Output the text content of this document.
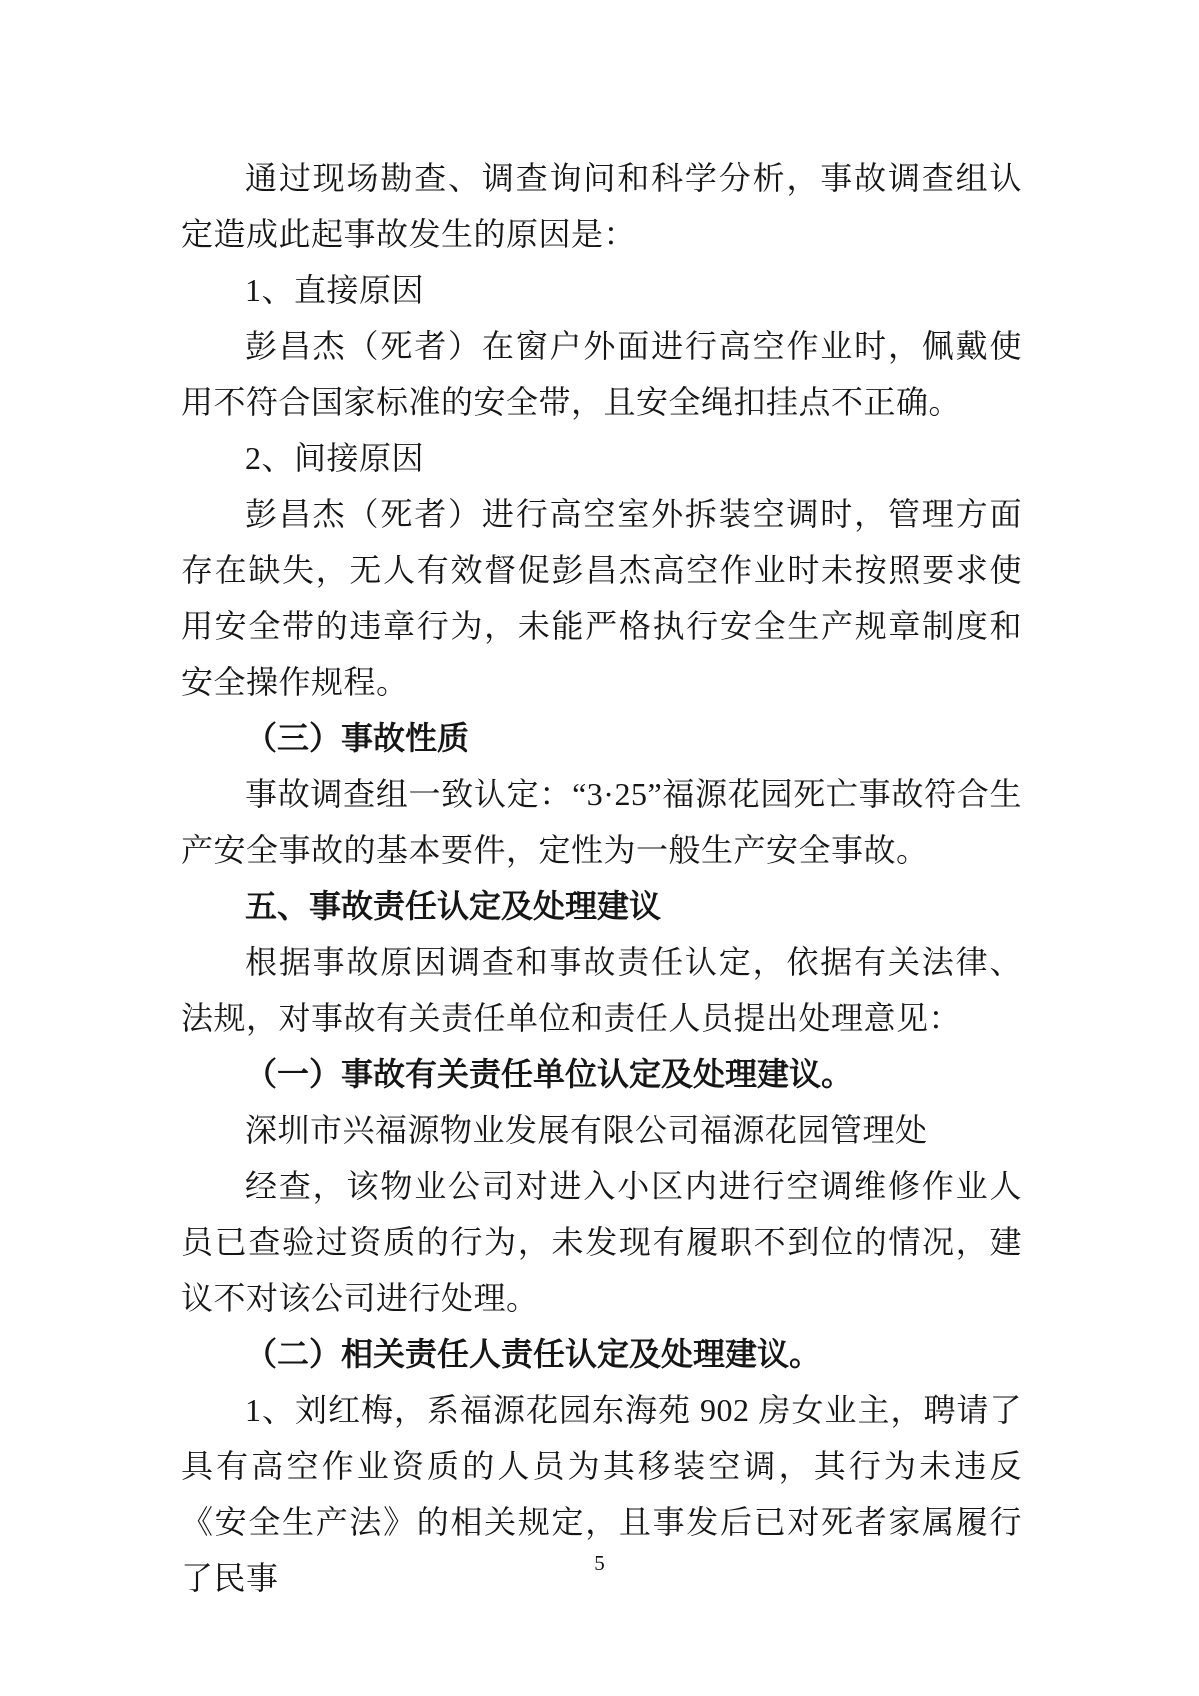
通过现场勘查、调查询问和科学分析，事故调查组认定造成此起事故发生的原因是：

1、直接原因

彭昌杰（死者）在窗户外面进行高空作业时，佩戴使用不符合国家标准的安全带，且安全绳扣挂点不正确。

2、间接原因

彭昌杰（死者）进行高空室外拆装空调时，管理方面存在缺失，无人有效督促彭昌杰高空作业时未按照要求使用安全带的违章行为，未能严格执行安全生产规章制度和安全操作规程。

（三）事故性质

事故调查组一致认定：“3·25”福源花园死亡事故符合生产安全事故的基本要件，定性为一般生产安全事故。

五、事故责任认定及处理建议

根据事故原因调查和事故责任认定，依据有关法律、法规，对事故有关责任单位和责任人员提出处理意见：

（一）事故有关责任单位认定及处理建议。

深圳市兴福源物业发展有限公司福源花园管理处

经查，该物业公司对进入小区内进行空调维修作业人员已查验过资质的行为，未发现有履职不到位的情况，建议不对该公司进行处理。

（二）相关责任人责任认定及处理建议。

1、刘红梅，系福源花园东海苑 902 房女业主，聘请了具有高空作业资质的人员为其移装空调，其行为未违反《安全生产法》的相关规定，且事发后已对死者家属履行了民事	5
